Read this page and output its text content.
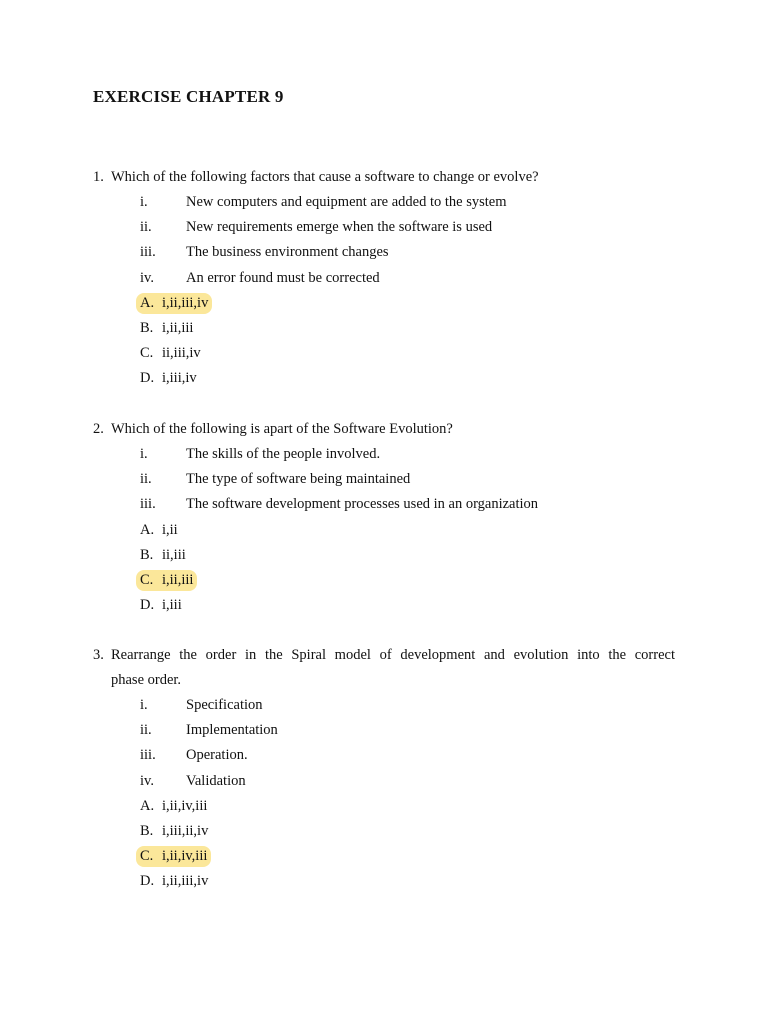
EXERCISE CHAPTER 9
1. Which of the following factors that cause a software to change or evolve?
i.	New computers and equipment are added to the system
ii. New requirements emerge when the software is used
iii. The business environment changes
iv. An error found must be corrected
A. i,ii,iii,iv
B. i,ii,iii
C. ii,iii,iv
D. i,iii,iv
2. Which of the following is apart of the Software Evolution?
i.	The skills of the people involved.
ii. The type of software being maintained
iii. The software development processes used in an organization
A. i,ii
B. ii,iii
C. i,ii,iii
D. i,iii
3. Rearrange the order in the Spiral model of development and evolution into the correct
phase order.
i.	Specification
ii. Implementation
iii. Operation.
iv. Validation
A. i,ii,iv,iii
B. i,iii,ii,iv
C. i,ii,iv,iii
D. i,ii,iii,iv
